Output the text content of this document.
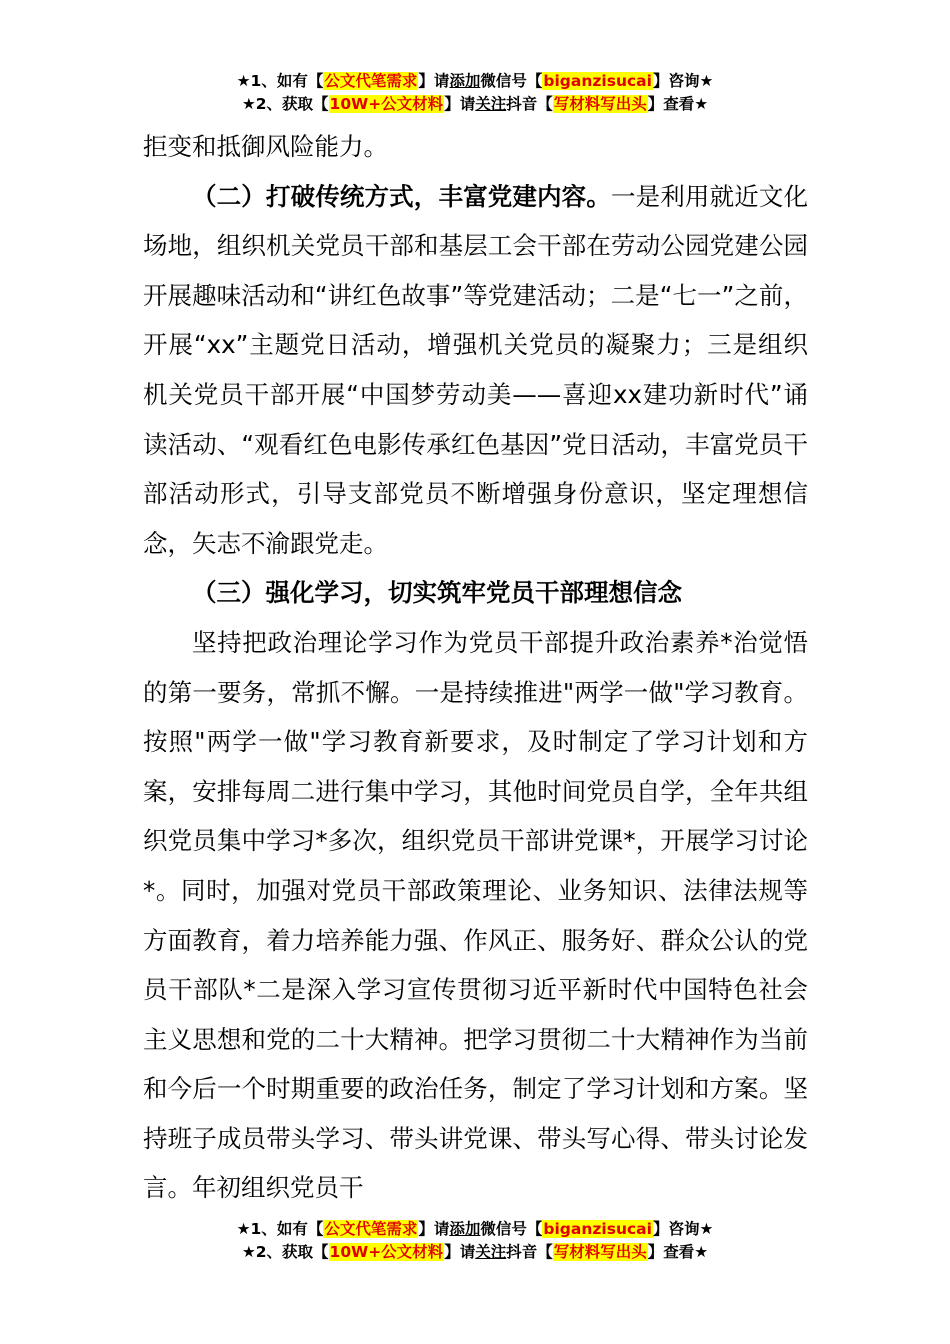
★1、如有【公文代笔需求】请添加微信号【biganzisucai】咨询★
★2、获取【10W+公文材料】请关注抖音【写材料写出头】查看★

拒变和抵御风险能力。

（二）打破传统方式，丰富党建内容。一是利用就近文化场地，组织机关党员干部和基层工会干部在劳动公园党建公园开展趣味活动和“讲红色故事”等党建活动；二是“七一”之前，开展“xx”主题党日活动，增强机关党员的凝聚力；三是组织机关党员干部开展“中国梦劳动美——喜迎xx建功新时代”诵读活动、“观看红色电影传承红色基因”党日活动，丰富党员干部活动形式，引导支部党员不断增强身份意识，坚定理想信念，矢志不渝跟党走。

（三）强化学习，切实筑牢党员干部理想信念

坚持把政治理论学习作为党员干部提升政治素养*治觉悟的第一要务，常抓不懈。一是持续推进"两学一做"学习教育。按照"两学一做"学习教育新要求，及时制定了学习计划和方案，安排每周二进行集中学习，其他时间党员自学，全年共组织党员集中学习*多次，组织党员干部讲党课*，开展学习讨论*。同时，加强对党员干部政策理论、业务知识、法律法规等方面教育，着力培养能力强、作风正、服务好、群众公认的党员干部队*二是深入学习宣传贯彻习近平新时代中国特色社会主义思想和党的二十大精神。把学习贯彻二十大精神作为当前和今后一个时期重要的政治任务，制定了学习计划和方案。坚持班子成员带头学习、带头讲党课、带头写心得、带头讨论发言。年初组织党员干

★1、如有【公文代笔需求】请添加微信号【biganzisucai】咨询★
★2、获取【10W+公文材料】请关注抖音【写材料写出头】查看★
